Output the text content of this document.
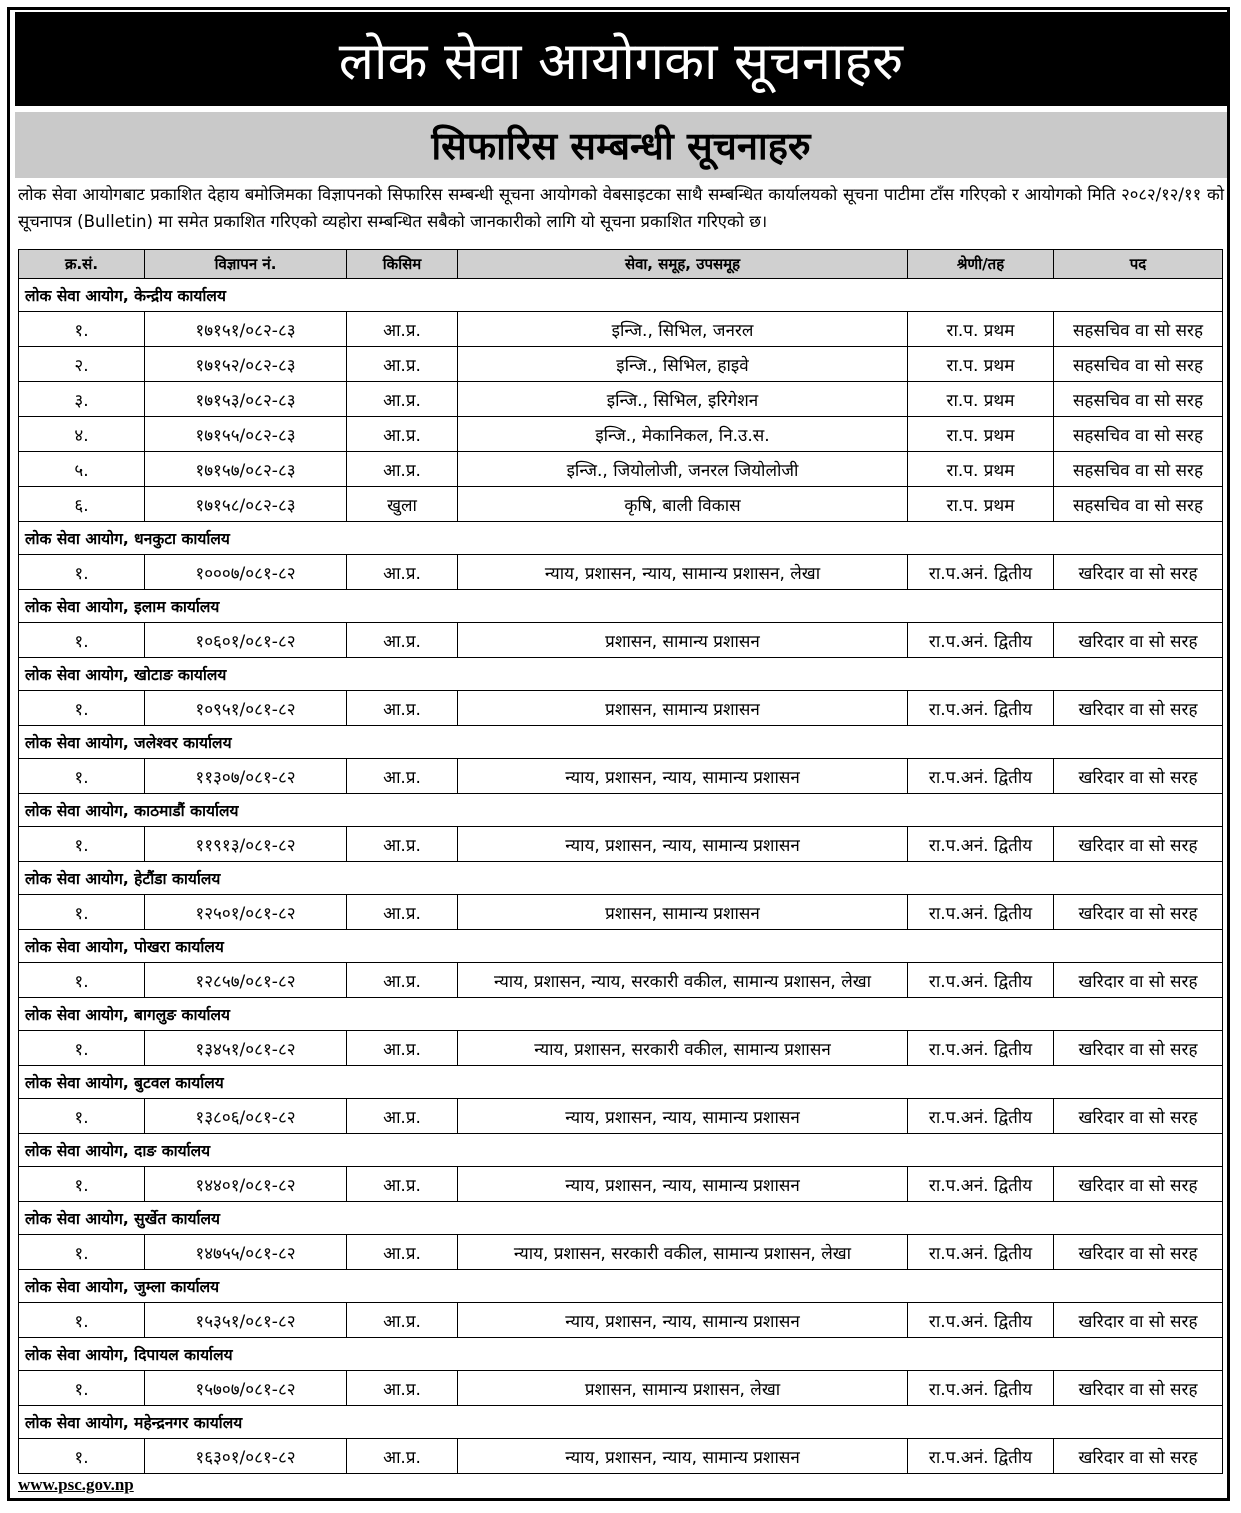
लोक सेवा आयोगका सूचनाहरु
सिफारिस सम्बन्धी सूचनाहरु
लोक सेवा आयोगबाट प्रकाशित देहाय बमोजिमका विज्ञापनको सिफारिस सम्बन्धी सूचना आयोगको वेबसाइटका साथै सम्बन्धित कार्यालयको सूचना पाटीमा टाँस गरिएको र आयोगको मिति २०८२/१२/११ को सूचनापत्र (Bulletin) मा समेत प्रकाशित गरिएको व्यहोरा सम्बन्धित सबैको जानकारीको लागि यो सूचना प्रकाशित गरिएको छ।
क्र.सं.	विज्ञापन नं.	किसिम	सेवा, समूह, उपसमूह	श्रेणी/तह	पद
लोक सेवा आयोग, केन्द्रीय कार्यालय					
१.	१७१५१/०८२-८३	आ.प्र.	इन्जि., सिभिल, जनरल	रा.प. प्रथम	सहसचिव वा सो सरह
२.	१७१५२/०८२-८३	आ.प्र.	इन्जि., सिभिल, हाइवे	रा.प. प्रथम	सहसचिव वा सो सरह
३.	१७१५३/०८२-८३	आ.प्र.	इन्जि., सिभिल, इरिगेशन	रा.प. प्रथम	सहसचिव वा सो सरह
४.	१७१५५/०८२-८३	आ.प्र.	इन्जि., मेकानिकल, नि.उ.स.	रा.प. प्रथम	सहसचिव वा सो सरह
५.	१७१५७/०८२-८३	आ.प्र.	इन्जि., जियोलोजी, जनरल जियोलोजी	रा.प. प्रथम	सहसचिव वा सो सरह
६.	१७१५८/०८२-८३	खुला	कृषि, बाली विकास	रा.प. प्रथम	सहसचिव वा सो सरह
लोक सेवा आयोग, धनकुटा कार्यालय					
१.	१०००७/०८१-८२	आ.प्र.	न्याय, प्रशासन, न्याय, सामान्य प्रशासन, लेखा	रा.प.अनं. द्वितीय	खरिदार वा सो सरह
लोक सेवा आयोग, इलाम कार्यालय					
१.	१०६०१/०८१-८२	आ.प्र.	प्रशासन, सामान्य प्रशासन	रा.प.अनं. द्वितीय	खरिदार वा सो सरह
लोक सेवा आयोग, खोटाङ कार्यालय					
१.	१०९५१/०८१-८२	आ.प्र.	प्रशासन, सामान्य प्रशासन	रा.प.अनं. द्वितीय	खरिदार वा सो सरह
लोक सेवा आयोग, जलेश्वर कार्यालय					
१.	११३०७/०८१-८२	आ.प्र.	न्याय, प्रशासन, न्याय, सामान्य प्रशासन	रा.प.अनं. द्वितीय	खरिदार वा सो सरह
लोक सेवा आयोग, काठमाडौं कार्यालय					
१.	११९१३/०८१-८२	आ.प्र.	न्याय, प्रशासन, न्याय, सामान्य प्रशासन	रा.प.अनं. द्वितीय	खरिदार वा सो सरह
लोक सेवा आयोग, हेटौंडा कार्यालय					
१.	१२५०१/०८१-८२	आ.प्र.	प्रशासन, सामान्य प्रशासन	रा.प.अनं. द्वितीय	खरिदार वा सो सरह
लोक सेवा आयोग, पोखरा कार्यालय					
१.	१२८५७/०८१-८२	आ.प्र.	न्याय, प्रशासन, न्याय, सरकारी वकील, सामान्य प्रशासन, लेखा	रा.प.अनं. द्वितीय	खरिदार वा सो सरह
लोक सेवा आयोग, बागलुङ कार्यालय					
१.	१३४५१/०८१-८२	आ.प्र.	न्याय, प्रशासन, सरकारी वकील, सामान्य प्रशासन	रा.प.अनं. द्वितीय	खरिदार वा सो सरह
लोक सेवा आयोग, बुटवल कार्यालय					
१.	१३८०६/०८१-८२	आ.प्र.	न्याय, प्रशासन, न्याय, सामान्य प्रशासन	रा.प.अनं. द्वितीय	खरिदार वा सो सरह
लोक सेवा आयोग, दाङ कार्यालय					
१.	१४४०१/०८१-८२	आ.प्र.	न्याय, प्रशासन, न्याय, सामान्य प्रशासन	रा.प.अनं. द्वितीय	खरिदार वा सो सरह
लोक सेवा आयोग, सुर्खेत कार्यालय					
१.	१४७५५/०८१-८२	आ.प्र.	न्याय, प्रशासन, सरकारी वकील, सामान्य प्रशासन, लेखा	रा.प.अनं. द्वितीय	खरिदार वा सो सरह
लोक सेवा आयोग, जुम्ला कार्यालय					
१.	१५३५१/०८१-८२	आ.प्र.	न्याय, प्रशासन, न्याय, सामान्य प्रशासन	रा.प.अनं. द्वितीय	खरिदार वा सो सरह
लोक सेवा आयोग, दिपायल कार्यालय					
१.	१५७०७/०८१-८२	आ.प्र.	प्रशासन, सामान्य प्रशासन, लेखा	रा.प.अनं. द्वितीय	खरिदार वा सो सरह
लोक सेवा आयोग, महेन्द्रनगर कार्यालय					
१.	१६३०१/०८१-८२	आ.प्र.	न्याय, प्रशासन, न्याय, सामान्य प्रशासन	रा.प.अनं. द्वितीय	खरिदार वा सो सरह
www.psc.gov.np
